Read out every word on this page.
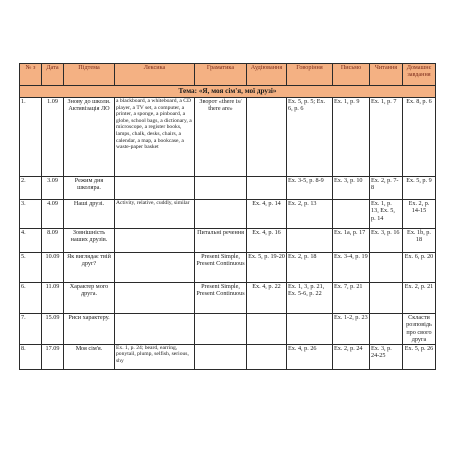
№ з	Дата	Підтема	Лексика	Граматика	Аудіювання	Говоріння	Письмо	Читання	Домашнє завдання
Тема: «Я, моя сім'я, мої друзі»									
1.	1.09	Знову до школи. Активізація ЛО	a blackboard, a whiteboard, a CD player, a TV set, a computer, a printer, a sponge, a pinboard, a globe, school bags, a dictionary, a microscope, a register books, lamps, chalk, desks, chairs, a calendar, a map, a bookcase, a waste-paper basket	Зворот «there is/ there are»		Ex. 5, p. 5; Ex. 6, p. 6	Ex. 1, p. 9	Ex. 1, p. 7	Ex. 8, p. 6
2.	3.09	Режим дня школяра.				Ex. 3-5, p. 8-9	Ex. 3, p. 10	Ex. 2, p. 7-8	Ex. 5, p. 9
3.	4.09	Наші друзі.	Activity, relative, cuddly, similar		Ex. 4, p. 14	Ex. 2, p. 13		Ex. 1, p. 13, Ex. 5, p. 14	Ex. 2, p. 14-15
4.	8.09	Зовнішність наших друзів.		Питальні речення	Ex. 4, p. 16		Ex. 1a, p. 17	Ex. 3, p. 16	Ex. 1b, p. 18
5.	10.09	Як виглядає твій друг?		Present Simple, Present Continuous	Ex. 5, p. 19-20	Ex. 2, p. 18	Ex. 3-4, p. 19		Ex. 6, p. 20
6.	11.09	Характер мого друга.		Present Simple, Present Continuous	Ex. 4, p. 22	Ex. 1, 3, p. 21, Ex. 5-6, p. 22	Ex. 7, p. 21		Ex. 2, p. 21
7.	15.09	Риси характеру.					Ex. 1-2, p. 23		Скласти розповідь про свого друга
8.	17.09	Моя сім'я.	Ex. 1, p. 24; beard, earring, ponytail, plump, selfish, serious, shy			Ex. 4, p. 26	Ex. 2, p. 24	Ex. 3, p. 24-25	Ex. 5, p. 26
